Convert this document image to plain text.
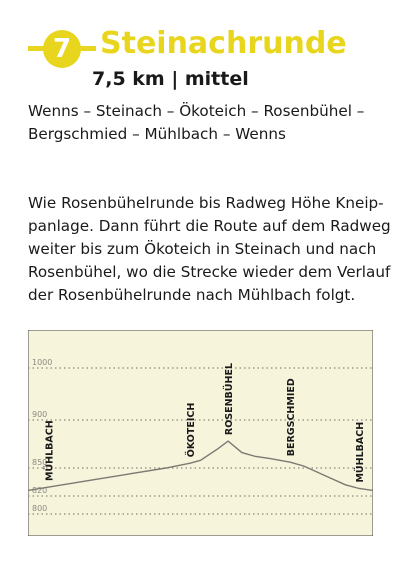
7 Steinachrunde
7,5 km | mittel
Wenns – Steinach – Ökoteich – Rosenbühel –
Bergschmied – Mühlbach – Wenns
Wie Rosenbühelrunde bis Radweg Höhe Kneip-
panlage. Dann führt die Route auf dem Radweg
weiter bis zum Ökoteich in Steinach und nach
Rosenbühel, wo die Strecke wieder dem Verlauf
der Rosenbühelrunde nach Mühlbach folgt.
1000
900
850
820
800
MÜHLBACH	ÖKOTEICH	ROSENBÜHEL	BERGSCHMIED	MÜHLBACH
